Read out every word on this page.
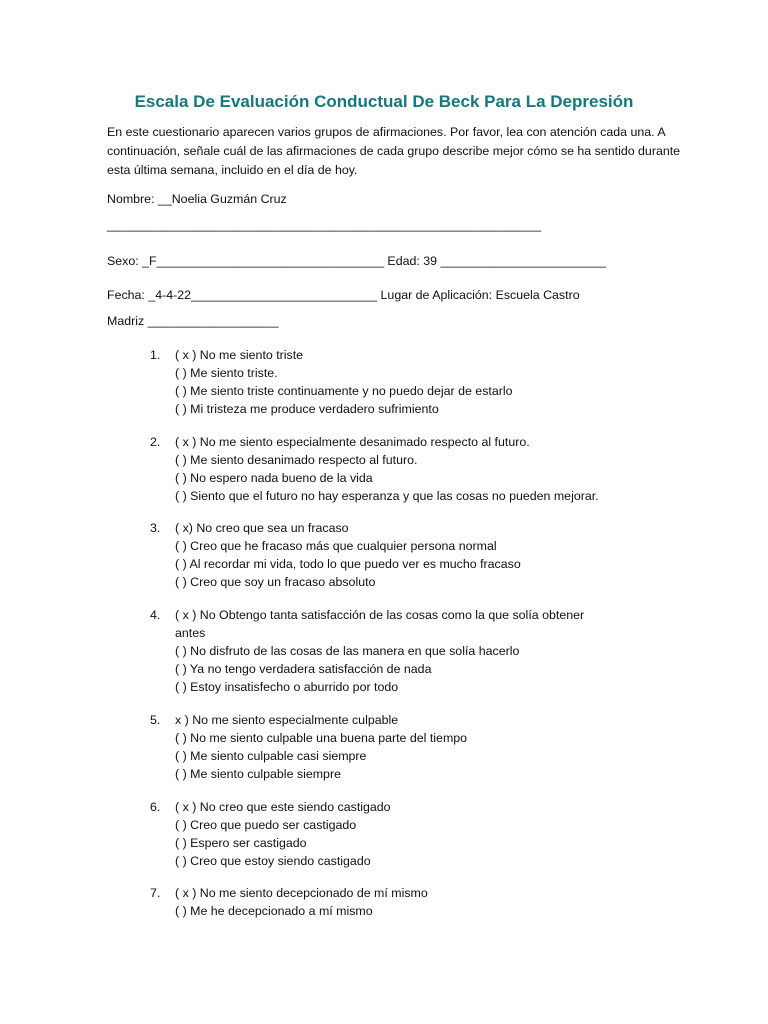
Escala De Evaluación Conductual De Beck Para La Depresión
En este cuestionario aparecen varios grupos de afirmaciones. Por favor, lea con atención cada una. A continuación, señale cuál de las afirmaciones de cada grupo describe mejor cómo se ha sentido durante esta última semana, incluido en el día de hoy.
Nombre: __Noelia Guzmán Cruz
_______________________________________________________________
Sexo: _F_________________________________ Edad: 39 ________________________
Fecha: _4-4-22___________________________ Lugar de Aplicación: Escuela Castro
Madriz ___________________
1. ( x ) No me siento triste
( ) Me siento triste.
( ) Me siento triste continuamente y no puedo dejar de estarlo
( ) Mi tristeza me produce verdadero sufrimiento
2. ( x ) No me siento especialmente desanimado respecto al futuro.
( ) Me siento desanimado respecto al futuro.
( ) No espero nada bueno de la vida
( ) Siento que el futuro no hay esperanza y que las cosas no pueden mejorar.
3. ( x) No creo que sea un fracaso
( ) Creo que he fracaso más que cualquier persona normal
( ) Al recordar mi vida, todo lo que puedo ver es mucho fracaso
( ) Creo que soy un fracaso absoluto
4. ( x ) No Obtengo tanta satisfacción de las cosas como la que solía obtener
antes
( ) No disfruto de las cosas de las manera en que solía hacerlo
( ) Ya no tengo verdadera satisfacción de nada
( ) Estoy insatisfecho o aburrido por todo
5. x ) No me siento especialmente culpable
( ) No me siento culpable una buena parte del tiempo
( ) Me siento culpable casi siempre
( ) Me siento culpable siempre
6. ( x ) No creo que este siendo castigado
( ) Creo que puedo ser castigado
( ) Espero ser castigado
( ) Creo que estoy siendo castigado
7. ( x ) No me siento decepcionado de mí mismo
( ) Me he decepcionado a mí mismo
